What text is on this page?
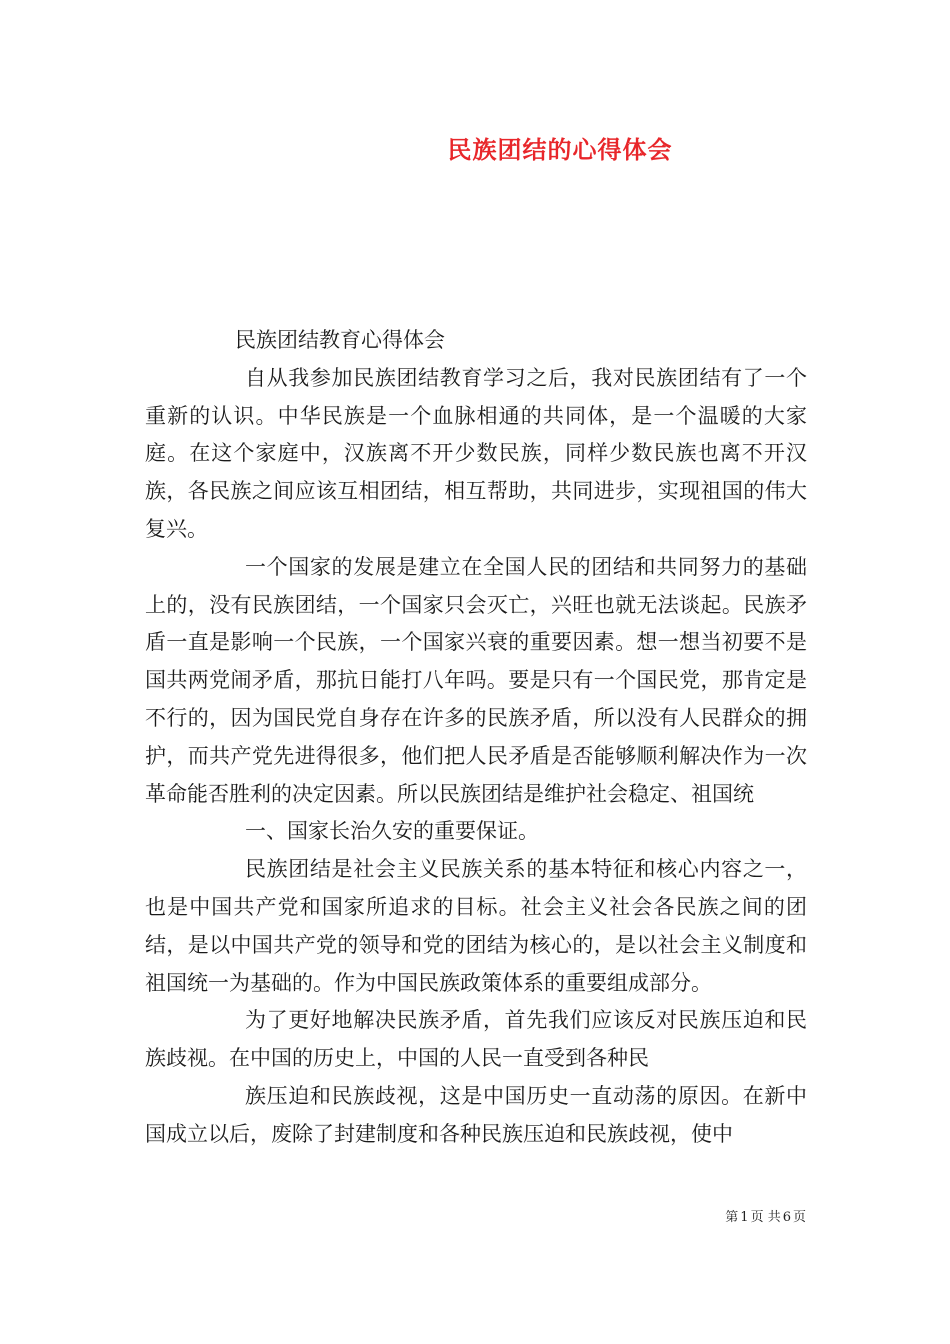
民族团结的心得体会

民族团结教育心得体会

自从我参加民族团结教育学习之后，我对民族团结有了一个重新的认识。中华民族是一个血脉相通的共同体，是一个温暖的大家庭。在这个家庭中，汉族离不开少数民族，同样少数民族也离不开汉族，各民族之间应该互相团结，相互帮助，共同进步，实现祖国的伟大复兴。

一个国家的发展是建立在全国人民的团结和共同努力的基础上的，没有民族团结，一个国家只会灭亡，兴旺也就无法谈起。民族矛盾一直是影响一个民族，一个国家兴衰的重要因素。想一想当初要不是国共两党闹矛盾，那抗日能打八年吗。要是只有一个国民党，那肯定是不行的，因为国民党自身存在许多的民族矛盾，所以没有人民群众的拥护，而共产党先进得很多，他们把人民矛盾是否能够顺利解决作为一次革命能否胜利的决定因素。所以民族团结是维护社会稳定、祖国统

一、国家长治久安的重要保证。

民族团结是社会主义民族关系的基本特征和核心内容之一，也是中国共产党和国家所追求的目标。社会主义社会各民族之间的团结，是以中国共产党的领导和党的团结为核心的，是以社会主义制度和祖国统一为基础的。作为中国民族政策体系的重要组成部分。

为了更好地解决民族矛盾，首先我们应该反对民族压迫和民族歧视。在中国的历史上，中国的人民一直受到各种民

族压迫和民族歧视，这是中国历史一直动荡的原因。在新中国成立以后，废除了封建制度和各种民族压迫和民族歧视，使中

第 1 页 共 6 页
